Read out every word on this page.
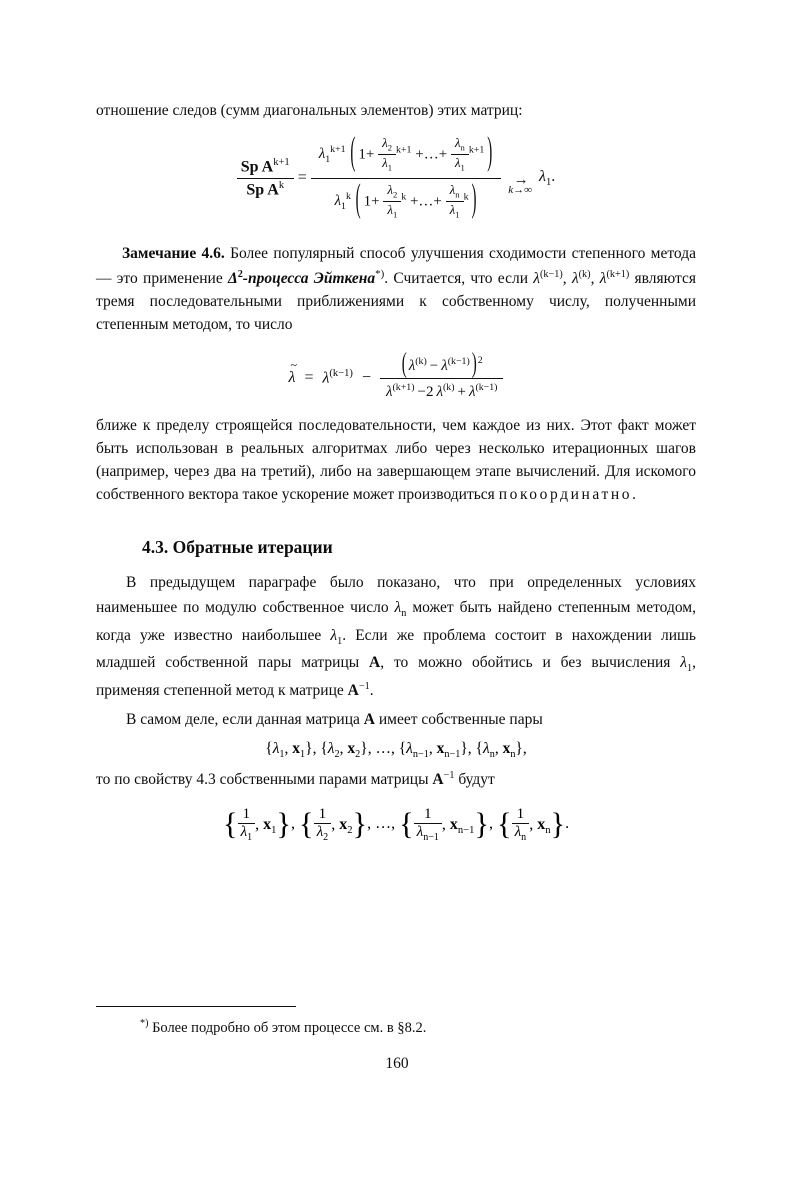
отношение следов (сумм диагональных элементов) этих матриц:

$\frac{Sp A^{k+1}}{Sp A^k}$ =
$\lambda_1^{k+1}$ ( $1+ \frac{\lambda_2}{\lambda_1} ^{k+1}$ +…+ $\frac{\lambda_n}{\lambda_1} ^{k+1}$ )
$\lambda_1^k$ ( $1+ \frac{\lambda_2}{\lambda_1} ^k$ +…+ $\frac{\lambda_n}{\lambda_1} ^k$ )	→
k→∞
$\lambda_1$.

Замечание 4.6. Более популярный способ улучшения сходимости степенного метода — это применение $\Delta^2$-процесса Эйткена*). Считается, что если $\lambda^{(k-1)}$, $\lambda^{(k)}$, $\lambda^{(k+1)}$ являются тремя последовательными приближениями к собственному числу, полученными степенным методом, то число

λ
~
= $\lambda^{(k-1)} - \frac{( \lambda^{(k)} - \lambda^{(k-1)} )^2}{\lambda^{(k+1)} -2 \lambda^{(k)} + \lambda^{(k-1)}}$

ближе к пределу строящейся последовательности, чем каждое из них. Этот факт может быть использован в реальных алгоритмах либо через несколько итерационных шагов (например, через два на третий), либо на завершающем этапе вычислений. Для искомого собственного вектора такое ускорение может производиться покоординатно.

4.3. Обратные итерации

В предыдущем параграфе было показано, что при определенных условиях наименьшее по модулю собственное число $\lambda_n$ может быть найдено степенным методом, когда уже известно наибольшее $\lambda_1$. Если же проблема состоит в нахождении лишь младшей собственной пары матрицы A, то можно обойтись и без вычисления $\lambda_1$, применяя степенной метод к матрице $A^{-1}$.

В самом деле, если данная матрица A имеет собственные пары

{$\lambda_1$, $x_1$}, {$\lambda_2$, $x_2$}, …, {$\lambda_{n-1}$, $x_{n-1}$}, {$\lambda_n$, $x_n$},

то по свойству 4.3 собственными парами матрицы $A^{-1}$ будут

{ $\frac{1}{\lambda_1}$ , $x_1$}, { $\frac{1}{\lambda_2}$ , $x_2$}, …, { $\frac{1}{\lambda_{n-1}}$ , $x_{n-1}$}, { $\frac{1}{\lambda_n}$ , $x_n$}.
*) Более подробно об этом процессе см. в §8.2.
160
